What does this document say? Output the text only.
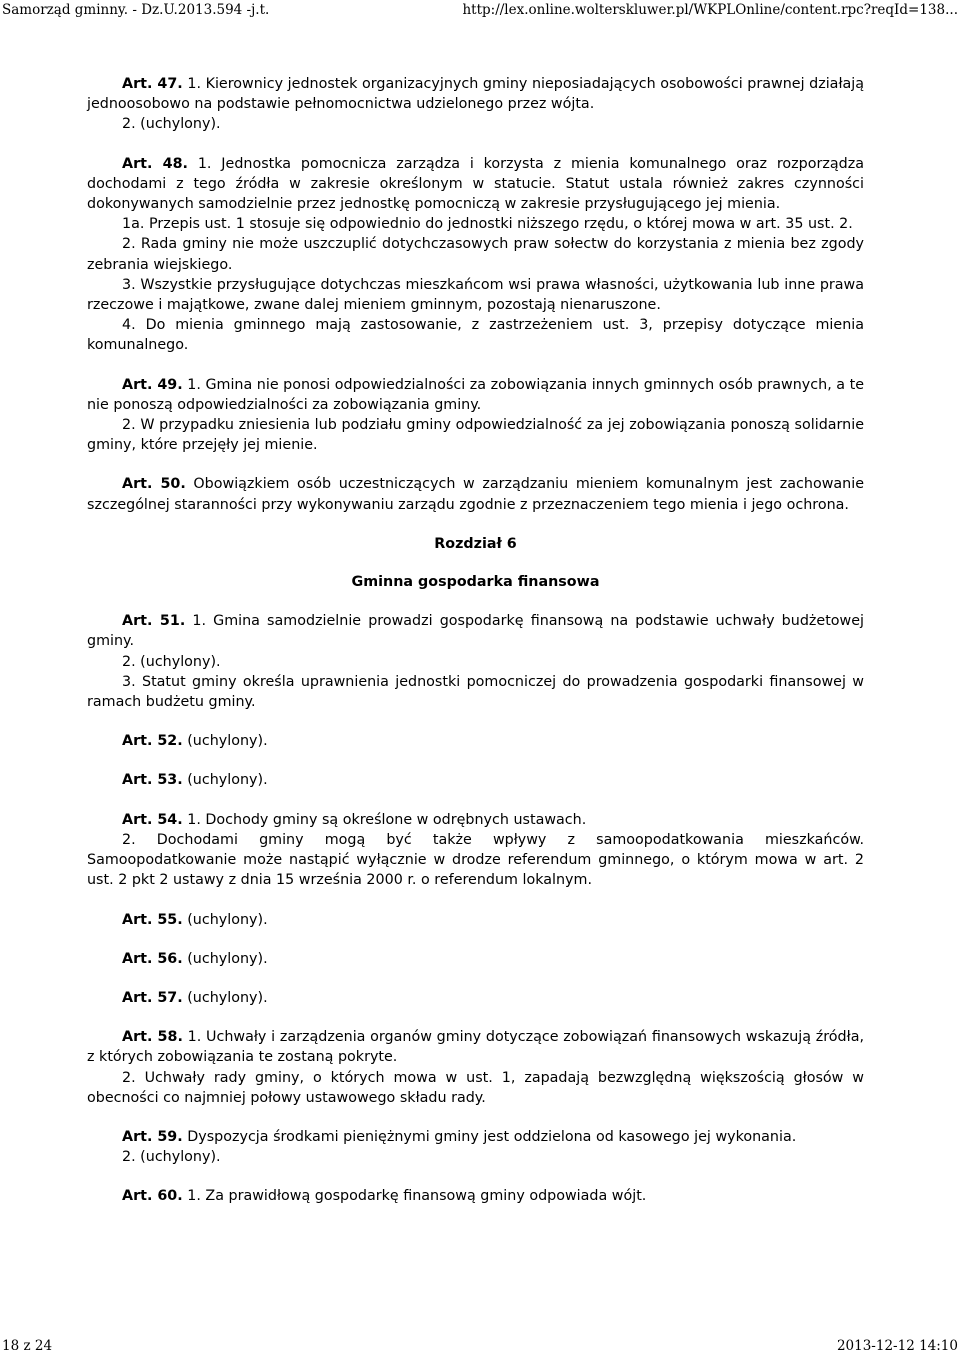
Samorząd gminny. - Dz.U.2013.594 -j.t.	http://lex.online.wolterskluwer.pl/WKPLOnline/content.rpc?reqId=138...

Art. 47. 1. Kierownicy jednostek organizacyjnych gminy nieposiadających osobowości prawnej działają jednoosobowo na podstawie pełnomocnictwa udzielonego przez wójta.

2. (uchylony).

Art. 48. 1. Jednostka pomocnicza zarządza i korzysta z mienia komunalnego oraz rozporządza dochodami z tego źródła w zakresie określonym w statucie. Statut ustala również zakres czynności dokonywanych samodzielnie przez jednostkę pomocniczą w zakresie przysługującego jej mienia.

1a. Przepis ust. 1 stosuje się odpowiednio do jednostki niższego rzędu, o której mowa w art. 35 ust. 2.

2. Rada gminy nie może uszczuplić dotychczasowych praw sołectw do korzystania z mienia bez zgody zebrania wiejskiego.

3. Wszystkie przysługujące dotychczas mieszkańcom wsi prawa własności, użytkowania lub inne prawa rzeczowe i majątkowe, zwane dalej mieniem gminnym, pozostają nienaruszone.

4. Do mienia gminnego mają zastosowanie, z zastrzeżeniem ust. 3, przepisy dotyczące mienia komunalnego.

Art. 49. 1. Gmina nie ponosi odpowiedzialności za zobowiązania innych gminnych osób prawnych, a te nie ponoszą odpowiedzialności za zobowiązania gminy.

2. W przypadku zniesienia lub podziału gminy odpowiedzialność za jej zobowiązania ponoszą solidarnie gminy, które przejęły jej mienie.

Art. 50. Obowiązkiem osób uczestniczących w zarządzaniu mieniem komunalnym jest zachowanie szczególnej staranności przy wykonywaniu zarządu zgodnie z przeznaczeniem tego mienia i jego ochrona.

Rozdział 6

Gminna gospodarka finansowa

Art. 51. 1. Gmina samodzielnie prowadzi gospodarkę finansową na podstawie uchwały budżetowej gminy.

2. (uchylony).

3. Statut gminy określa uprawnienia jednostki pomocniczej do prowadzenia gospodarki finansowej w ramach budżetu gminy.

Art. 52. (uchylony).

Art. 53. (uchylony).

Art. 54. 1. Dochody gminy są określone w odrębnych ustawach.

2. Dochodami gminy mogą być także wpływy z samoopodatkowania mieszkańców. Samoopodatkowanie może nastąpić wyłącznie w drodze referendum gminnego, o którym mowa w art. 2 ust. 2 pkt 2 ustawy z dnia 15 września 2000 r. o referendum lokalnym.

Art. 55. (uchylony).

Art. 56. (uchylony).

Art. 57. (uchylony).

Art. 58. 1. Uchwały i zarządzenia organów gminy dotyczące zobowiązań finansowych wskazują źródła, z których zobowiązania te zostaną pokryte.

2. Uchwały rady gminy, o których mowa w ust. 1, zapadają bezwzględną większością głosów w obecności co najmniej połowy ustawowego składu rady.

Art. 59. Dyspozycja środkami pieniężnymi gminy jest oddzielona od kasowego jej wykonania.

2. (uchylony).

Art. 60. 1. Za prawidłową gospodarkę finansową gminy odpowiada wójt.

18 z 24	2013-12-12 14:10
